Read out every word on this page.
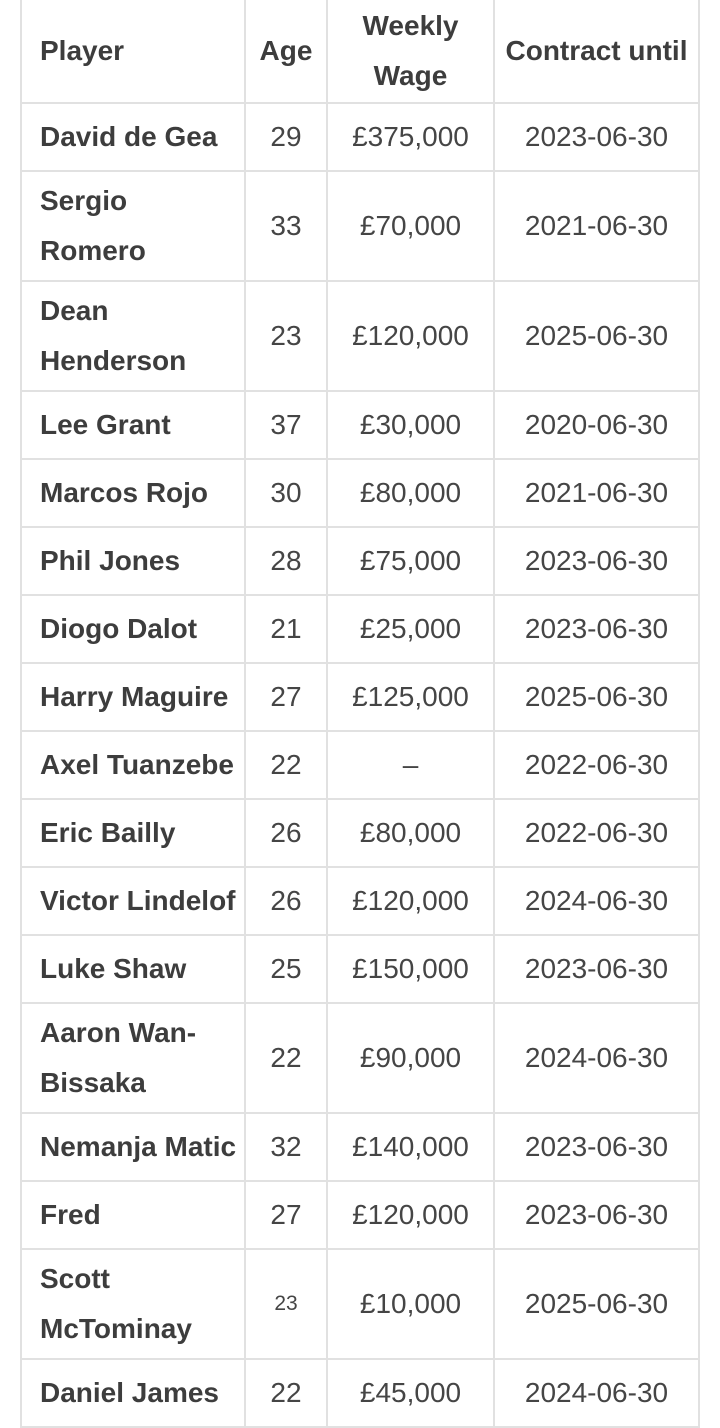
Player	Age	Weekly Wage	Contract until
David de Gea	29	£375,000	2023-06-30
Sergio Romero	33	£70,000	2021-06-30
Dean Henderson	23	£120,000	2025-06-30
Lee Grant	37	£30,000	2020-06-30
Marcos Rojo	30	£80,000	2021-06-30
Phil Jones	28	£75,000	2023-06-30
Diogo Dalot	21	£25,000	2023-06-30
Harry Maguire	27	£125,000	2025-06-30
Axel Tuanzebe	22	–	2022-06-30
Eric Bailly	26	£80,000	2022-06-30
Victor Lindelof	26	£120,000	2024-06-30
Luke Shaw	25	£150,000	2023-06-30
Aaron Wan-Bissaka	22	£90,000	2024-06-30
Nemanja Matic	32	£140,000	2023-06-30
Fred	27	£120,000	2023-06-30
Scott McTominay	23	£10,000	2025-06-30
Daniel James	22	£45,000	2024-06-30
